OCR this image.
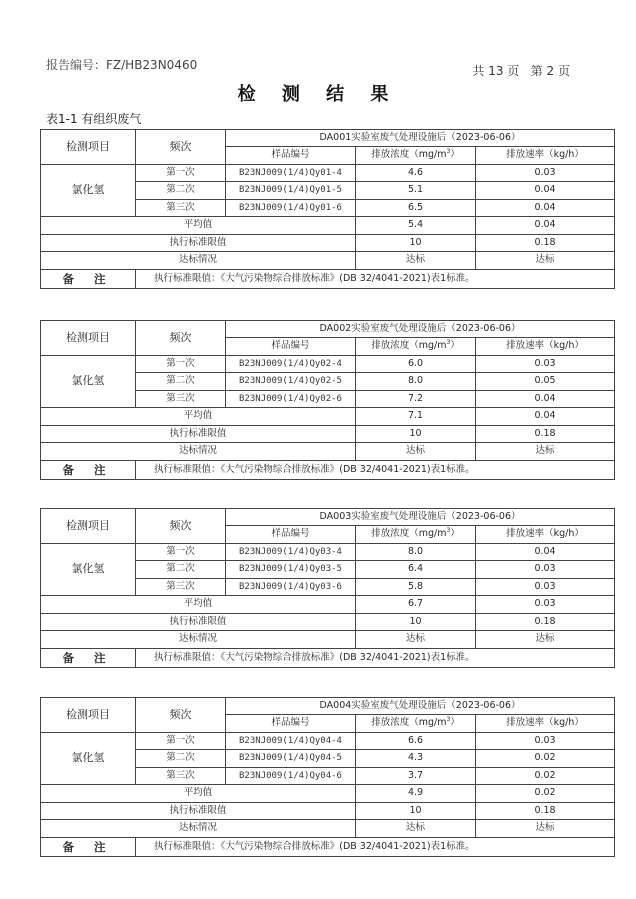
报告编号：FZ/HB23N0460	共 13 页 第 2 页
检 测 结 果
表1-1 有组织废气
检测项目	频次	DA001实验室废气处理设施后（2023-06-06）		
		样品编号	排放浓度$(mg/m^3)$	排放速率（kg/h）
氯化氢	第一次	B23NJ009(1/4)Qy01-4	4.6	0.03
	第二次	B23NJ009(1/4)Qy01-5	5.1	0.04
	第三次	B23NJ009(1/4)Qy01-6	6.5	0.04
平均值			5.4	0.04
执行标准限值			10	0.18
达标情况			达标	达标
备 注	执行标准限值：《大气污染物综合排放标准》(DB 32/4041-2021)表1标准。			
检测项目	频次	DA002实验室废气处理设施后（2023-06-06）		
		样品编号	排放浓度$(mg/m^3)$	排放速率（kg/h）
氯化氢	第一次	B23NJ009(1/4)Qy02-4	6.0	0.03
	第二次	B23NJ009(1/4)Qy02-5	8.0	0.05
	第三次	B23NJ009(1/4)Qy02-6	7.2	0.04
平均值			7.1	0.04
执行标准限值			10	0.18
达标情况			达标	达标
备 注	执行标准限值：《大气污染物综合排放标准》(DB 32/4041-2021)表1标准。			
检测项目	频次	DA003实验室废气处理设施后（2023-06-06）		
		样品编号	排放浓度$(mg/m^3)$	排放速率（kg/h）
氯化氢	第一次	B23NJ009(1/4)Qy03-4	8.0	0.04
	第二次	B23NJ009(1/4)Qy03-5	6.4	0.03
	第三次	B23NJ009(1/4)Qy03-6	5.8	0.03
平均值			6.7	0.03
执行标准限值			10	0.18
达标情况			达标	达标
备 注	执行标准限值：《大气污染物综合排放标准》(DB 32/4041-2021)表1标准。			
检测项目	频次	DA004实验室废气处理设施后（2023-06-06）		
		样品编号	排放浓度$(mg/m^3)$	排放速率（kg/h）
氯化氢	第一次	B23NJ009(1/4)Qy04-4	6.6	0.03
	第二次	B23NJ009(1/4)Qy04-5	4.3	0.02
	第三次	B23NJ009(1/4)Qy04-6	3.7	0.02
平均值			4.9	0.02
执行标准限值			10	0.18
达标情况			达标	达标
备 注	执行标准限值：《大气污染物综合排放标准》(DB 32/4041-2021)表1标准。			
